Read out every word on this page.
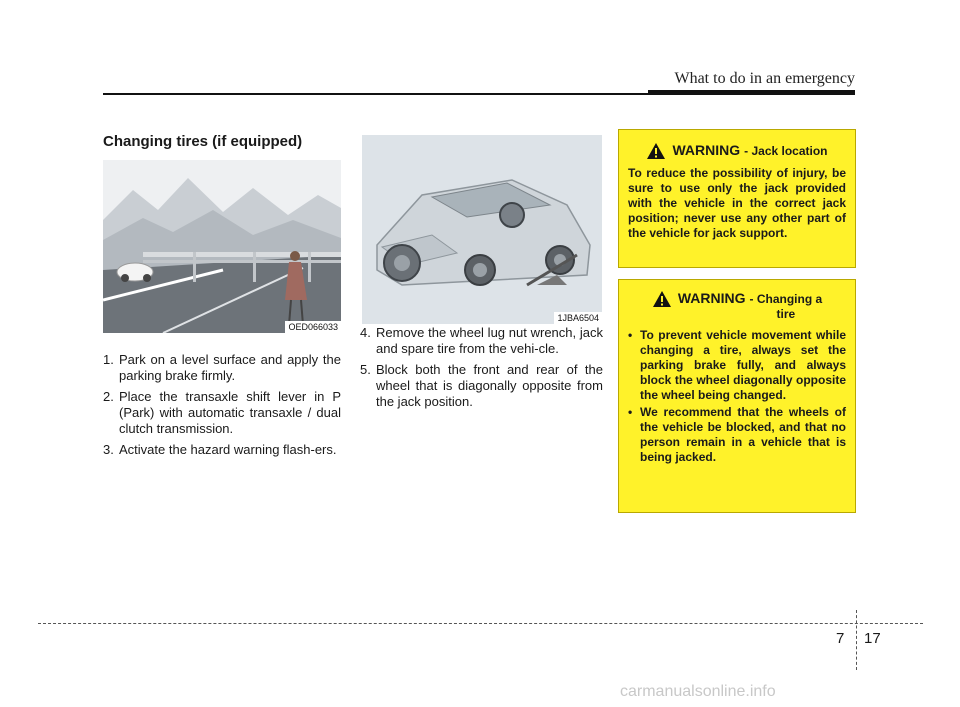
What to do in an emergency
Changing tires (if equipped)
OED066033
1JBA6504
1. Park on a level surface and apply the parking brake firmly.
2. Place the transaxle shift lever in P (Park) with automatic transaxle / dual clutch transmission.
3. Activate the hazard warning flash-ers.
4. Remove the wheel lug nut wrench, jack and spare tire from the vehi-cle.
5. Block both the front and rear of the wheel that is diagonally opposite from the jack position.
WARNING - Jack location
To reduce the possibility of injury, be sure to use only the jack provided with the vehicle in the correct jack position; never use any other part of the vehicle for jack support.
WARNING - Changing a
tire
• To prevent vehicle movement while changing a tire, always set the parking brake fully, and always block the wheel diagonally opposite the wheel being changed.
• We recommend that the wheels of the vehicle be blocked, and that no person remain in a vehicle that is being jacked.
7 17
carmanualsonline.info
